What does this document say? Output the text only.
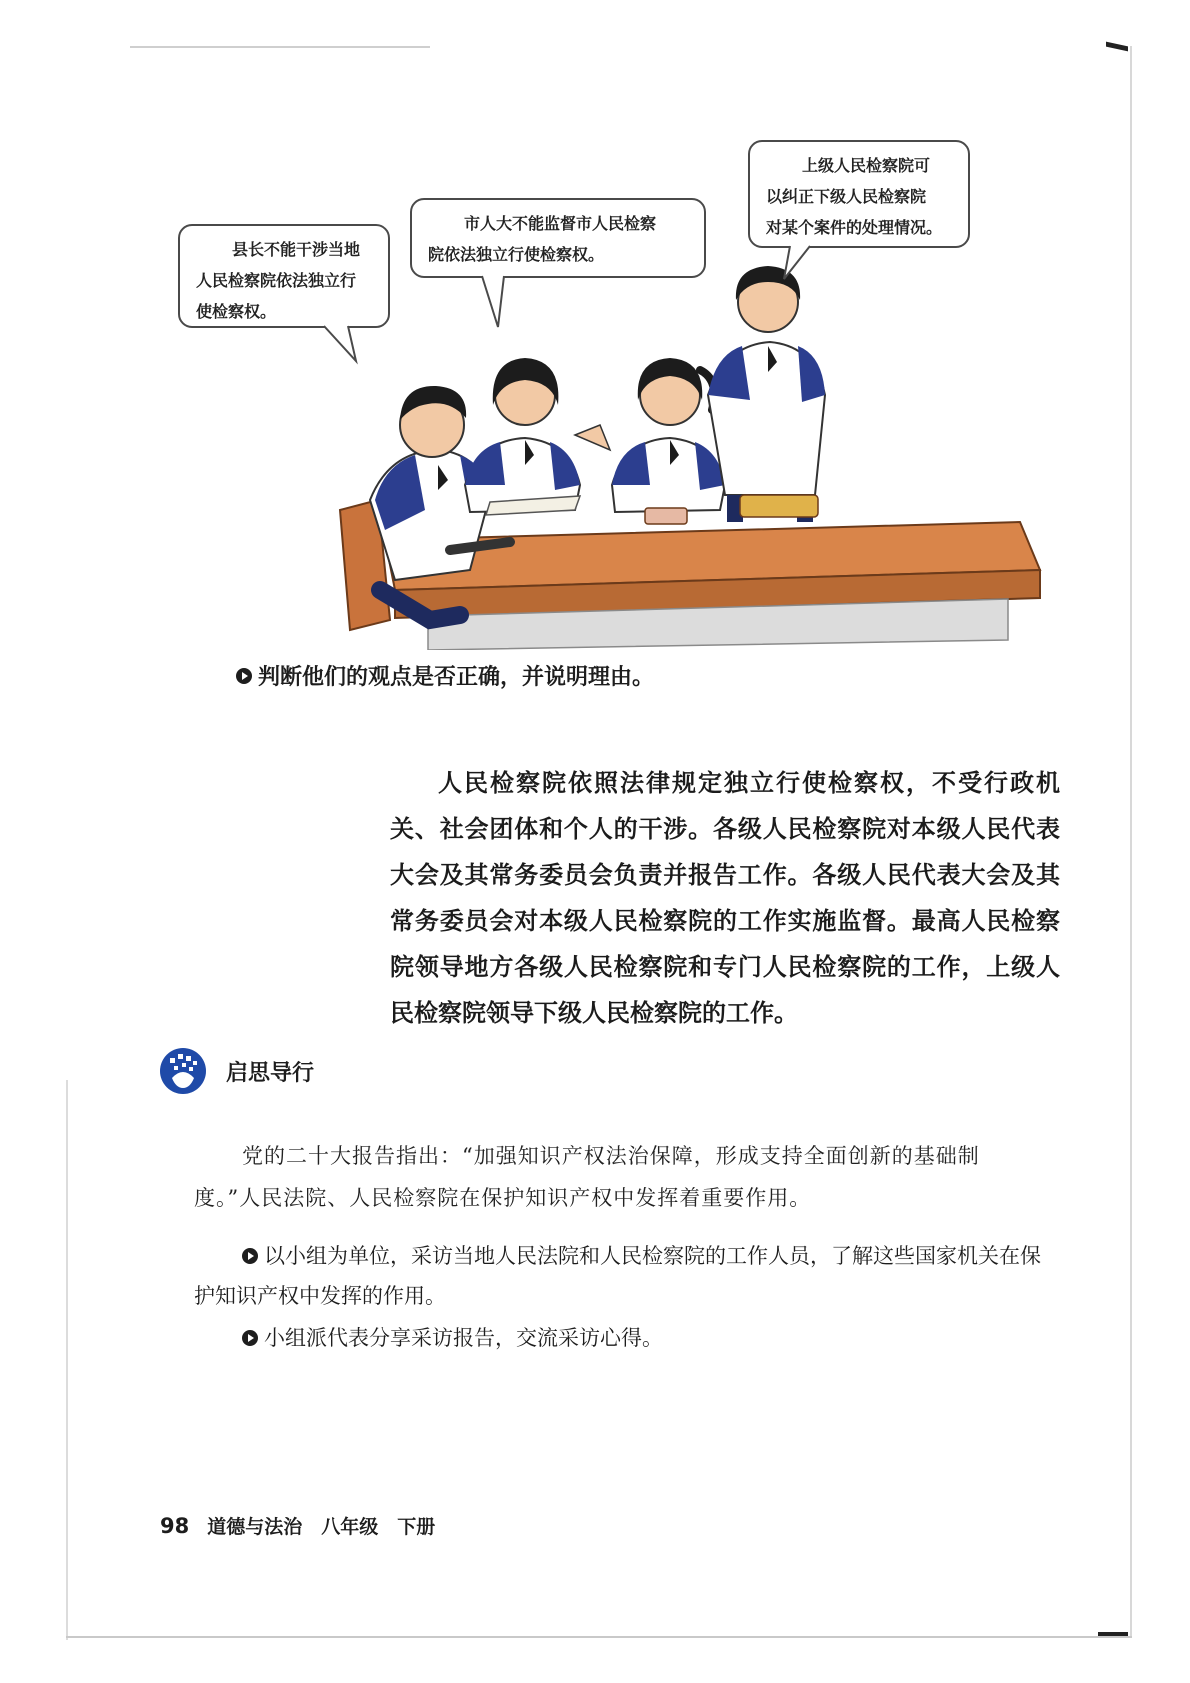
县长不能干涉当地
人民检察院依法独立行
使检察权。
市人大不能监督市人民检察
院依法独立行使检察权。
上级人民检察院可
以纠正下级人民检察院
对某个案件的处理情况。
判断他们的观点是否正确，并说明理由。

人民检察院依照法律规定独立行使检察权，不受行政机关、社会团体和个人的干涉。各级人民检察院对本级人民代表大会及其常务委员会负责并报告工作。各级人民代表大会及其常务委员会对本级人民检察院的工作实施监督。最高人民检察院领导地方各级人民检察院和专门人民检察院的工作，上级人民检察院领导下级人民检察院的工作。

启思导行

党的二十大报告指出：“加强知识产权法治保障，形成支持全面创新的基础制度。”人民法院、人民检察院在保护知识产权中发挥着重要作用。

以小组为单位，采访当地人民法院和人民检察院的工作人员，了解这些国家机关在保护知识产权中发挥的作用。

小组派代表分享采访报告，交流采访心得。

98 道德与法治　八年级　下册
